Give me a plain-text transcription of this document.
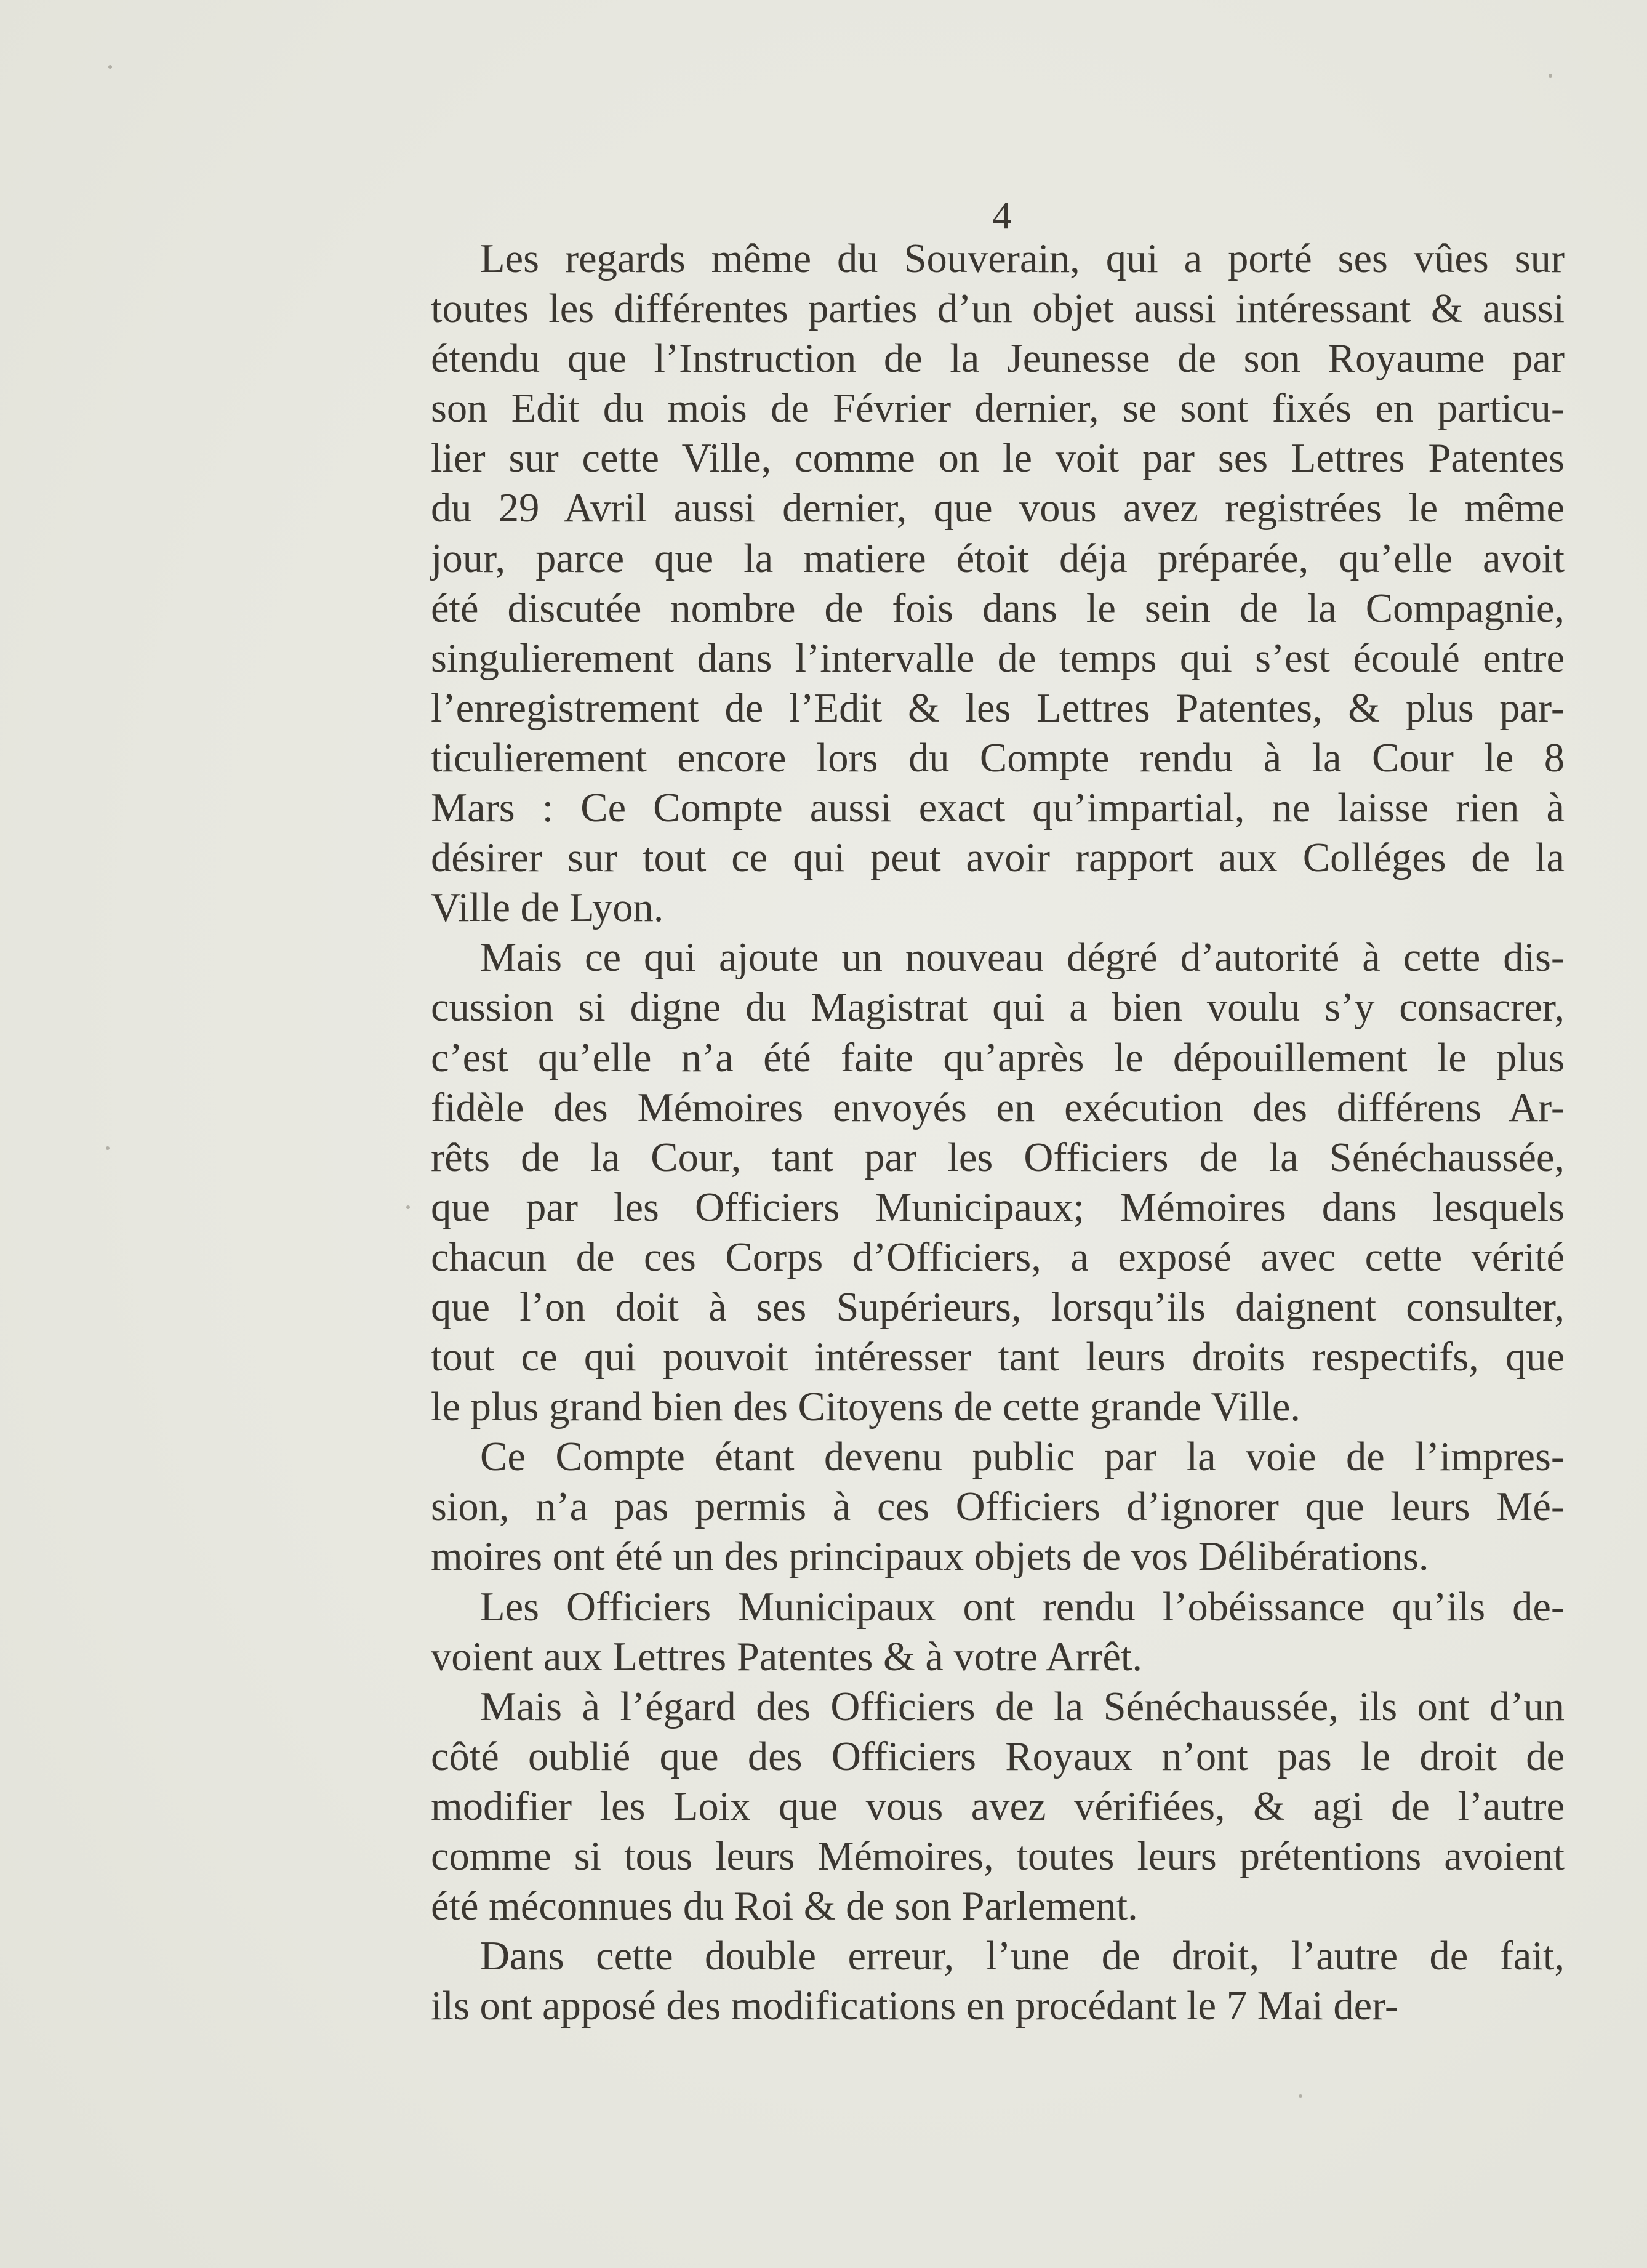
4
Les regards même du Souverain, qui a porté ses vûes sur
toutes les différentes parties d’un objet aussi intéressant & aussi
étendu que l’Instruction de la Jeunesse de son Royaume par
son Edit du mois de Février dernier, se sont fixés en particu-
lier sur cette Ville, comme on le voit par ses Lettres Patentes
du 29 Avril aussi dernier, que vous avez registrées le même
jour, parce que la matiere étoit déja préparée, qu’elle avoit
été discutée nombre de fois dans le sein de la Compagnie,
singulierement dans l’intervalle de temps qui s’est écoulé entre
l’enregistrement de l’Edit & les Lettres Patentes, & plus par-
ticulierement encore lors du Compte rendu à la Cour le 8
Mars : Ce Compte aussi exact qu’impartial, ne laisse rien à
désirer sur tout ce qui peut avoir rapport aux Colléges de la
Ville de Lyon.
Mais ce qui ajoute un nouveau dégré d’autorité à cette dis-
cussion si digne du Magistrat qui a bien voulu s’y consacrer,
c’est qu’elle n’a été faite qu’après le dépouillement le plus
fidèle des Mémoires envoyés en exécution des différens Ar-
rêts de la Cour, tant par les Officiers de la Sénéchaussée,
que par les Officiers Municipaux; Mémoires dans lesquels
chacun de ces Corps d’Officiers, a exposé avec cette vérité
que l’on doit à ses Supérieurs, lorsqu’ils daignent consulter,
tout ce qui pouvoit intéresser tant leurs droits respectifs, que
le plus grand bien des Citoyens de cette grande Ville.
Ce Compte étant devenu public par la voie de l’impres-
sion, n’a pas permis à ces Officiers d’ignorer que leurs Mé-
moires ont été un des principaux objets de vos Délibérations.
Les Officiers Municipaux ont rendu l’obéissance qu’ils de-
voient aux Lettres Patentes & à votre Arrêt.
Mais à l’égard des Officiers de la Sénéchaussée, ils ont d’un
côté oublié que des Officiers Royaux n’ont pas le droit de
modifier les Loix que vous avez vérifiées, & agi de l’autre
comme si tous leurs Mémoires, toutes leurs prétentions avoient
été méconnues du Roi & de son Parlement.
Dans cette double erreur, l’une de droit, l’autre de fait,
ils ont apposé des modifications en procédant le 7 Mai der-
